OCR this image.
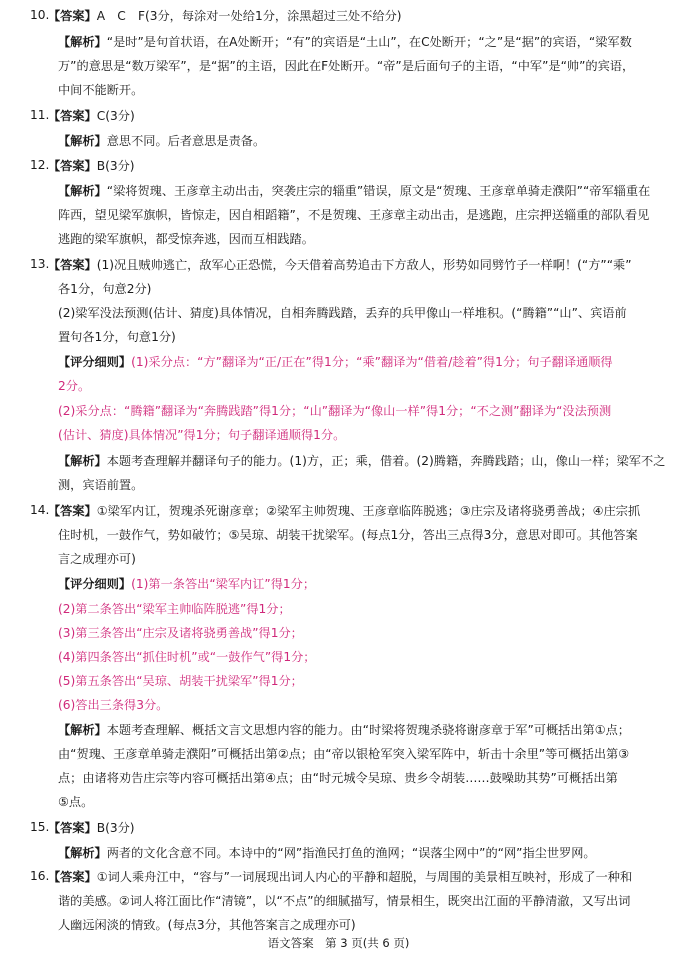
10.
【答案】A　C　F(3分，每涂对一处给1分，涂黑超过三处不给分)
【解析】“是时”是句首状语，在A处断开；“有”的宾语是“土山”，在C处断开；“之”是“据”的宾语，“梁军数
万”的意思是“数万梁军”，是“据”的主语，因此在F处断开。“帝”是后面句子的主语，“中军”是“帅”的宾语，
中间不能断开。
11.
【答案】C(3分)
【解析】意思不同。后者意思是责备。
12.
【答案】B(3分)
【解析】“梁将贺瑰、王彦章主动出击，突袭庄宗的辎重”错误，原文是“贺瑰、王彦章单骑走濮阳”“帝军辎重在
阵西，望见梁军旗帜，皆惊走，因自相蹈籍”，不是贺瑰、王彦章主动出击，是逃跑，庄宗押送辎重的部队看见
逃跑的梁军旗帜，都受惊奔逃，因而互相践踏。
13.
【答案】(1)况且贼帅逃亡，敌军心正恐慌，今天借着高势追击下方敌人，形势如同劈竹子一样啊！(“方”“乘”
各1分，句意2分)
(2)梁军没法预测(估计、猜度)具体情况，自相奔腾践踏，丢弃的兵甲像山一样堆积。(“腾籍”“山”、宾语前
置句各1分，句意1分)
【评分细则】(1)采分点：“方”翻译为“正/正在”得1分；“乘”翻译为“借着/趁着”得1分；句子翻译通顺得
2分。
(2)采分点：“腾籍”翻译为“奔腾践踏”得1分；“山”翻译为“像山一样”得1分；“不之测”翻译为“没法预测
(估计、猜度)具体情况”得1分；句子翻译通顺得1分。
【解析】本题考查理解并翻译句子的能力。(1)方，正；乘，借着。(2)腾籍，奔腾践踏；山，像山一样；梁军不之
测，宾语前置。
14.
【答案】①梁军内讧，贺瑰杀死谢彦章；②梁军主帅贺瑰、王彦章临阵脱逃；③庄宗及诸将骁勇善战；④庄宗抓
住时机，一鼓作气，势如破竹；⑤吴琼、胡装干扰梁军。(每点1分，答出三点得3分，意思对即可。其他答案
言之成理亦可)
【评分细则】(1)第一条答出“梁军内讧”得1分；
(2)第二条答出“梁军主帅临阵脱逃”得1分；
(3)第三条答出“庄宗及诸将骁勇善战”得1分；
(4)第四条答出“抓住时机”或“一鼓作气”得1分；
(5)第五条答出“吴琼、胡装干扰梁军”得1分；
(6)答出三条得3分。
【解析】本题考查理解、概括文言文思想内容的能力。由“时梁将贺瑰杀骁将谢彦章于军”可概括出第①点；
由“贺瑰、王彦章单骑走濮阳”可概括出第②点；由“帝以银枪军突入梁军阵中，斩击十余里”等可概括出第③
点；由诸将劝告庄宗等内容可概括出第④点；由“时元城令吴琼、贵乡令胡装……鼓噪助其势”可概括出第
⑤点。
15.
【答案】B(3分)
【解析】两者的文化含意不同。本诗中的“网”指渔民打鱼的渔网；“误落尘网中”的“网”指尘世罗网。
16.
【答案】①词人乘舟江中，“容与”一词展现出词人内心的平静和超脱，与周围的美景相互映衬，形成了一种和
谐的美感。②词人将江面比作“清镜”，以“不点”的细腻描写，情景相生，既突出江面的平静清澈，又写出词
人幽远闲淡的情致。(每点3分，其他答案言之成理亦可)
语文答案　第 3 页(共 6 页)
